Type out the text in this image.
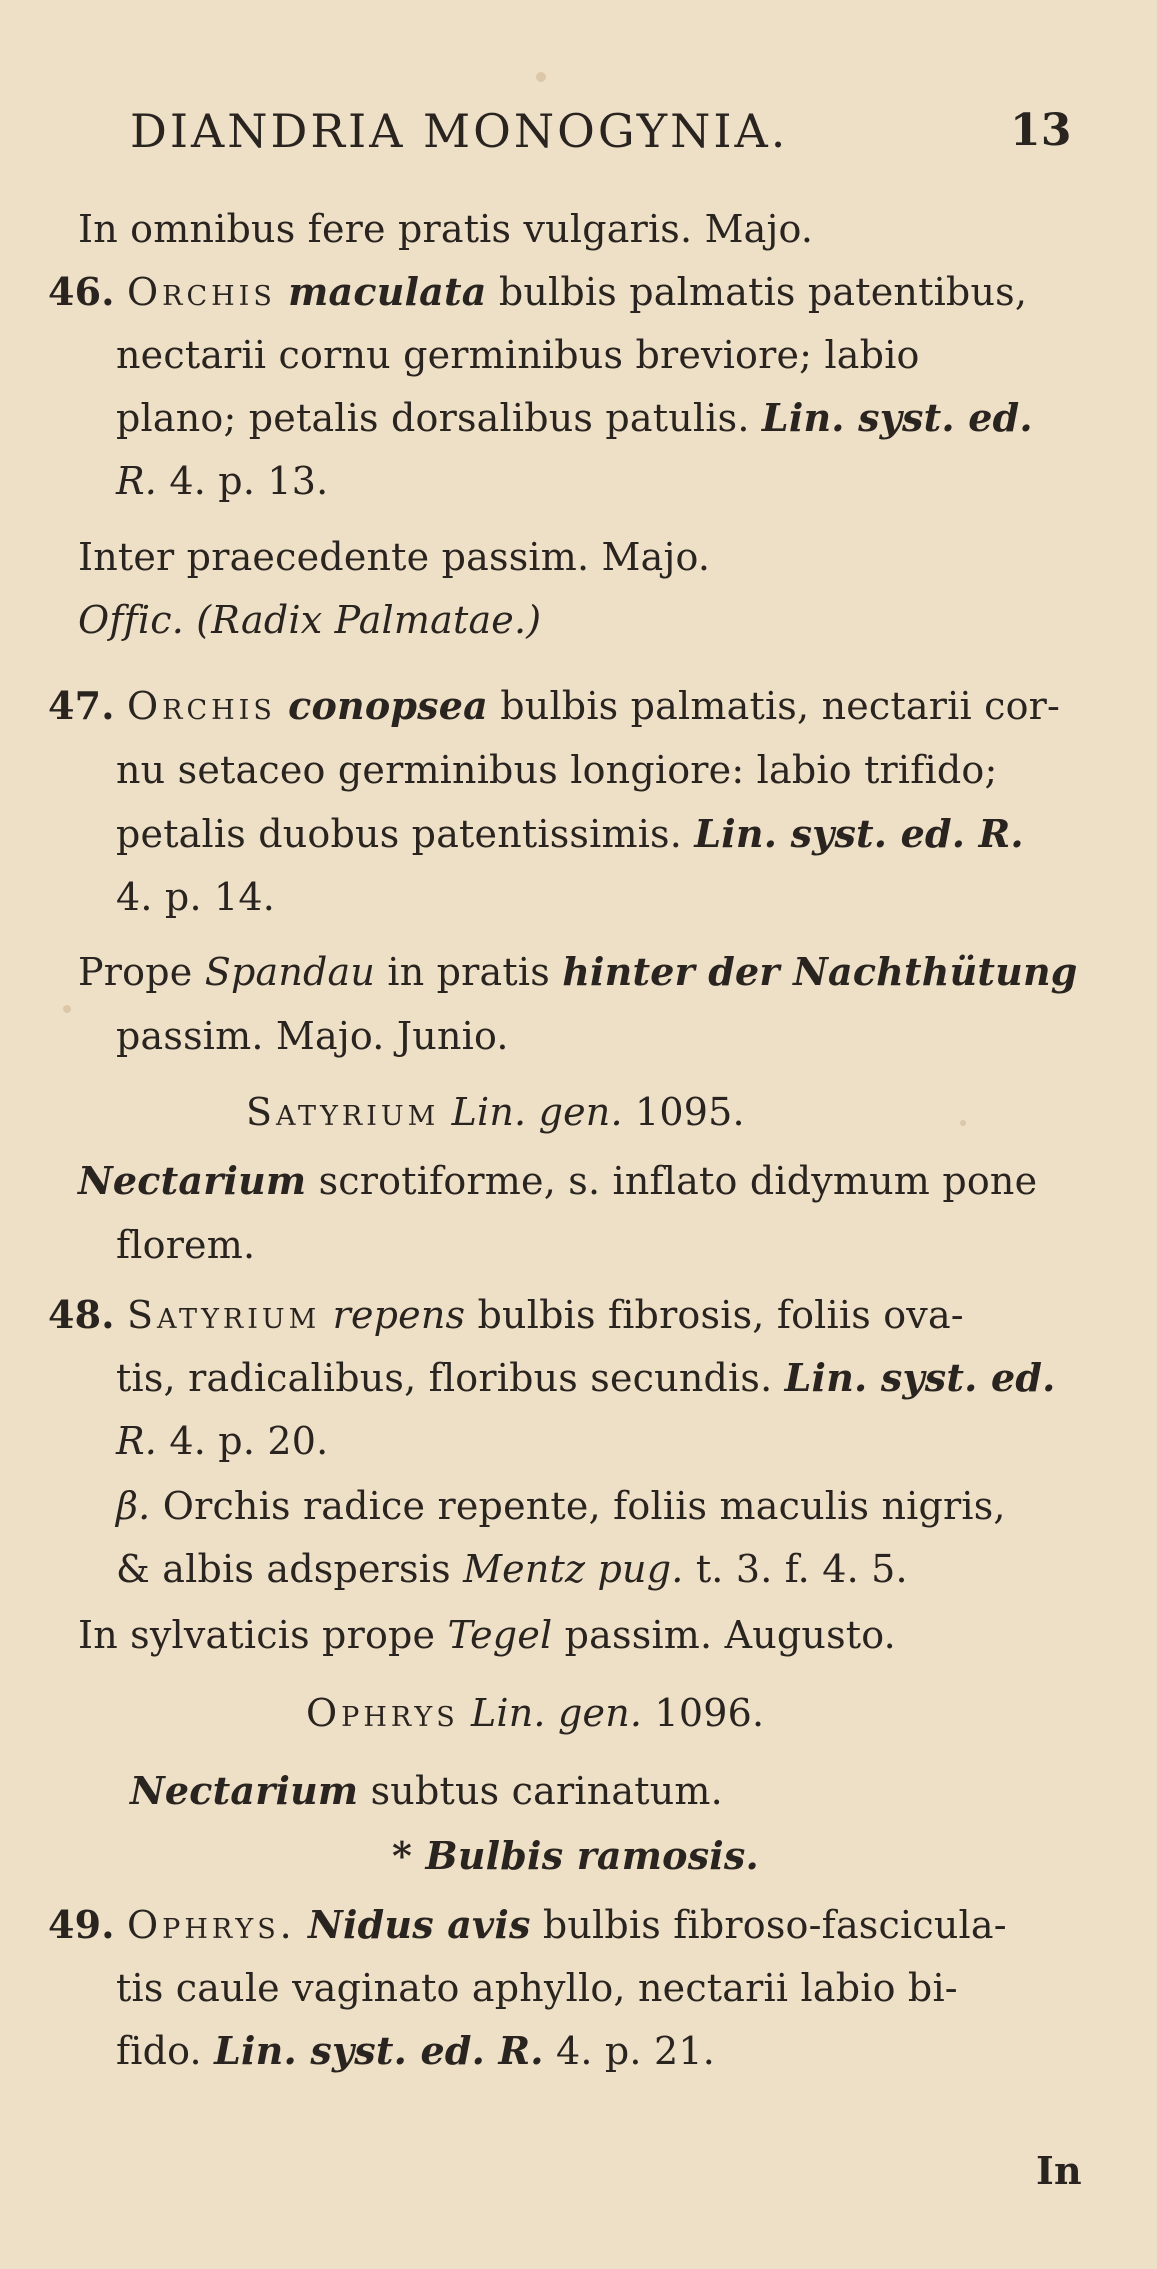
DIANDRIA MONOGYNIA.	13
In omnibus fere pratis vulgaris. Majo.
46. Orchis maculata bulbis palmatis patentibus,
nectarii cornu germinibus breviore; labio
plano; petalis dorsalibus patulis. Lin. syst. ed.
R. 4. p. 13.
Inter praecedente passim. Majo.
Offic. (Radix Palmatae.)
47. Orchis conopsea bulbis palmatis, nectarii cor-
nu setaceo germinibus longiore: labio trifido;
petalis duobus patentissimis. Lin. syst. ed. R.
4. p. 14.
Prope Spandau in pratis hinter der Nachthütung
passim. Majo. Junio.
Satyrium Lin. gen. 1095.
Nectarium scrotiforme, s. inflato didymum pone
florem.
48. Satyrium repens bulbis fibrosis, foliis ova-
tis, radicalibus, floribus secundis. Lin. syst. ed.
R. 4. p. 20.
β. Orchis radice repente, foliis maculis nigris,
& albis adspersis Mentz pug. t. 3. f. 4. 5.
In sylvaticis prope Tegel passim. Augusto.
Ophrys Lin. gen. 1096.
Nectarium subtus carinatum.
* Bulbis ramosis.
49. Ophrys. Nidus avis bulbis fibroso-fascicula-
tis caule vaginato aphyllo, nectarii labio bi-
fido. Lin. syst. ed. R. 4. p. 21.
In
